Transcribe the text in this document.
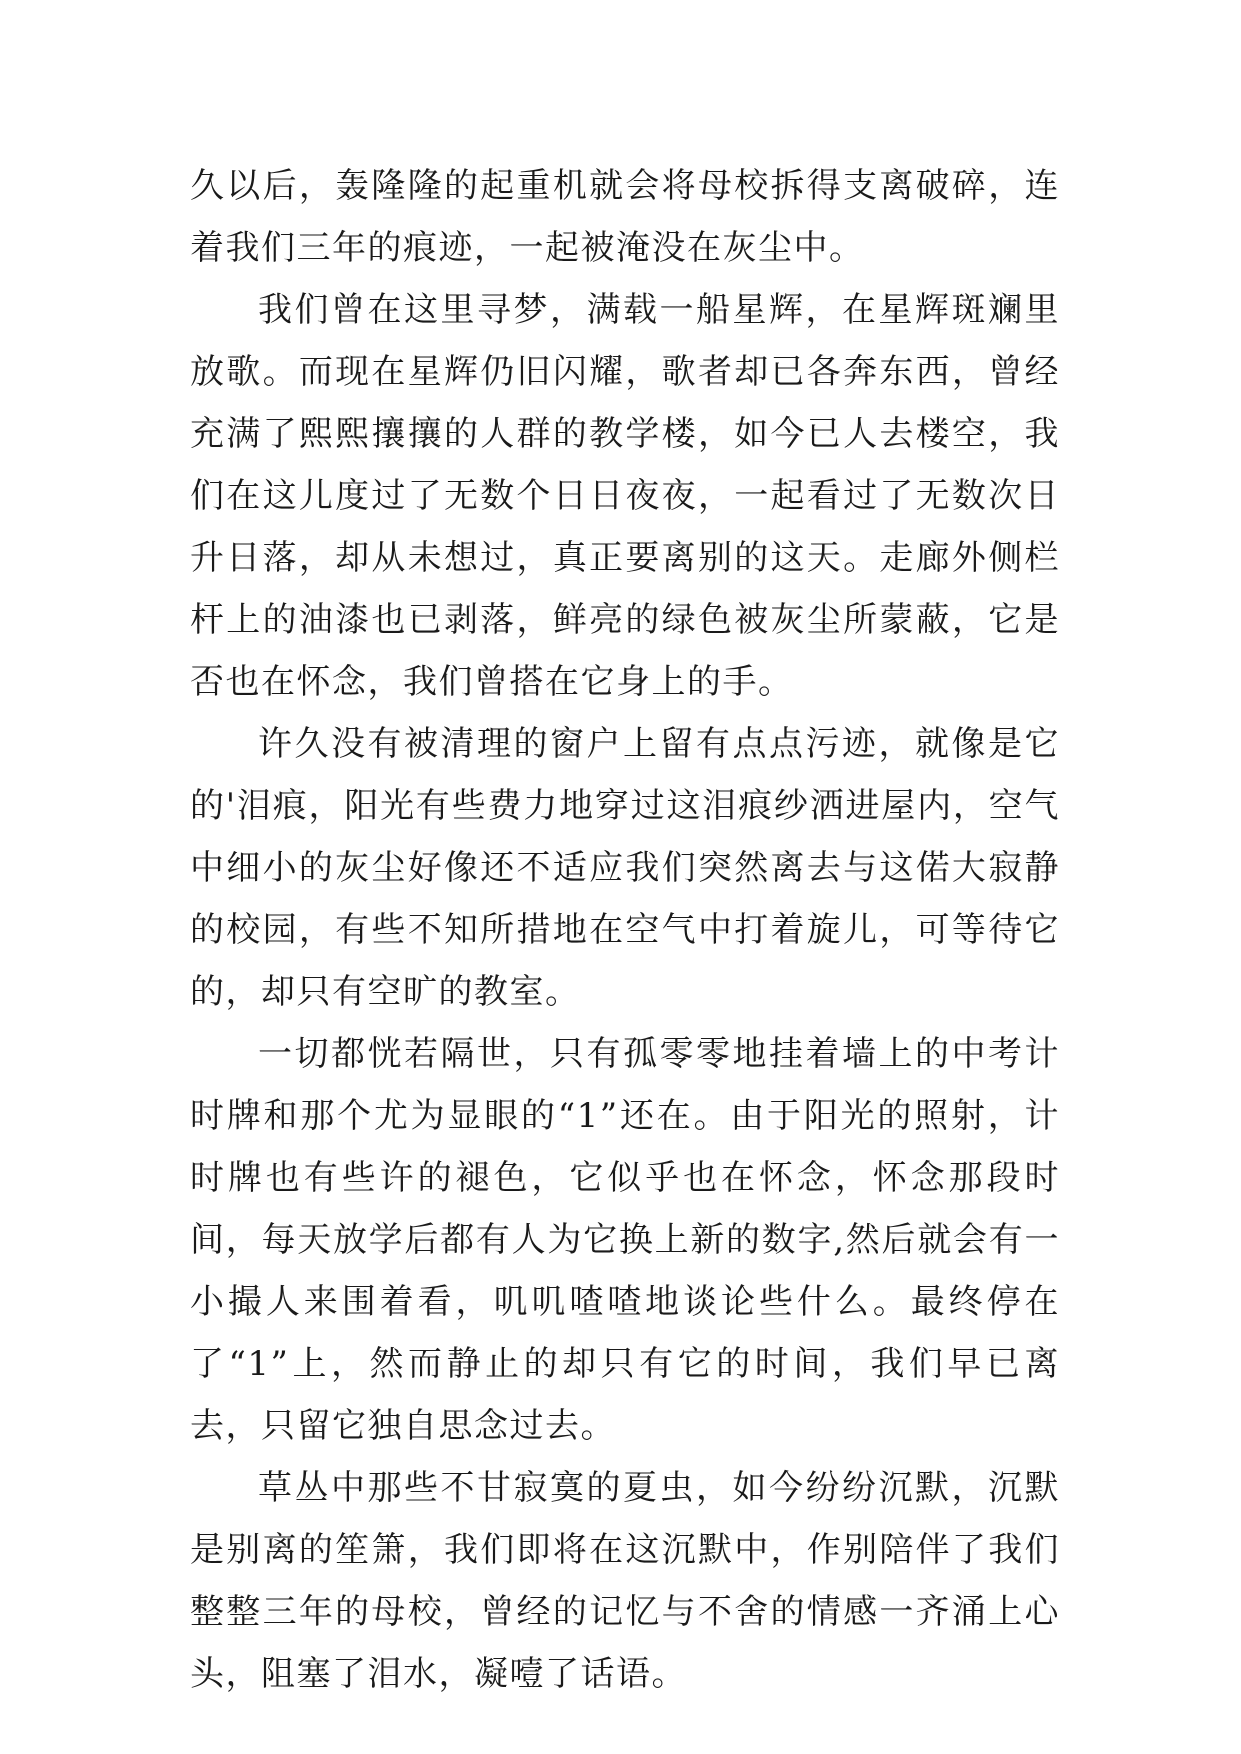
久以后，轰隆隆的起重机就会将母校拆得支离破碎，连着我们三年的痕迹，一起被淹没在灰尘中。

我们曾在这里寻梦，满载一船星辉，在星辉斑斓里放歌。而现在星辉仍旧闪耀，歌者却已各奔东西，曾经充满了熙熙攘攘的人群的教学楼，如今已人去楼空，我们在这儿度过了无数个日日夜夜，一起看过了无数次日升日落，却从未想过，真正要离别的这天。走廊外侧栏杆上的油漆也已剥落，鲜亮的绿色被灰尘所蒙蔽，它是否也在怀念，我们曾搭在它身上的手。

许久没有被清理的窗户上留有点点污迹，就像是它的'泪痕，阳光有些费力地穿过这泪痕纱洒进屋内，空气中细小的灰尘好像还不适应我们突然离去与这偌大寂静的校园，有些不知所措地在空气中打着旋儿，可等待它的，却只有空旷的教室。

一切都恍若隔世，只有孤零零地挂着墙上的中考计时牌和那个尤为显眼的“1”还在。由于阳光的照射，计时牌也有些许的褪色，它似乎也在怀念，怀念那段时间，每天放学后都有人为它换上新的数字,然后就会有一小撮人来围着看，叽叽喳喳地谈论些什么。最终停在了“1”上，然而静止的却只有它的时间，我们早已离去，只留它独自思念过去。

草丛中那些不甘寂寞的夏虫，如今纷纷沉默，沉默是别离的笙箫，我们即将在这沉默中，作别陪伴了我们整整三年的母校，曾经的记忆与不舍的情感一齐涌上心头，阻塞了泪水，凝噎了话语。
